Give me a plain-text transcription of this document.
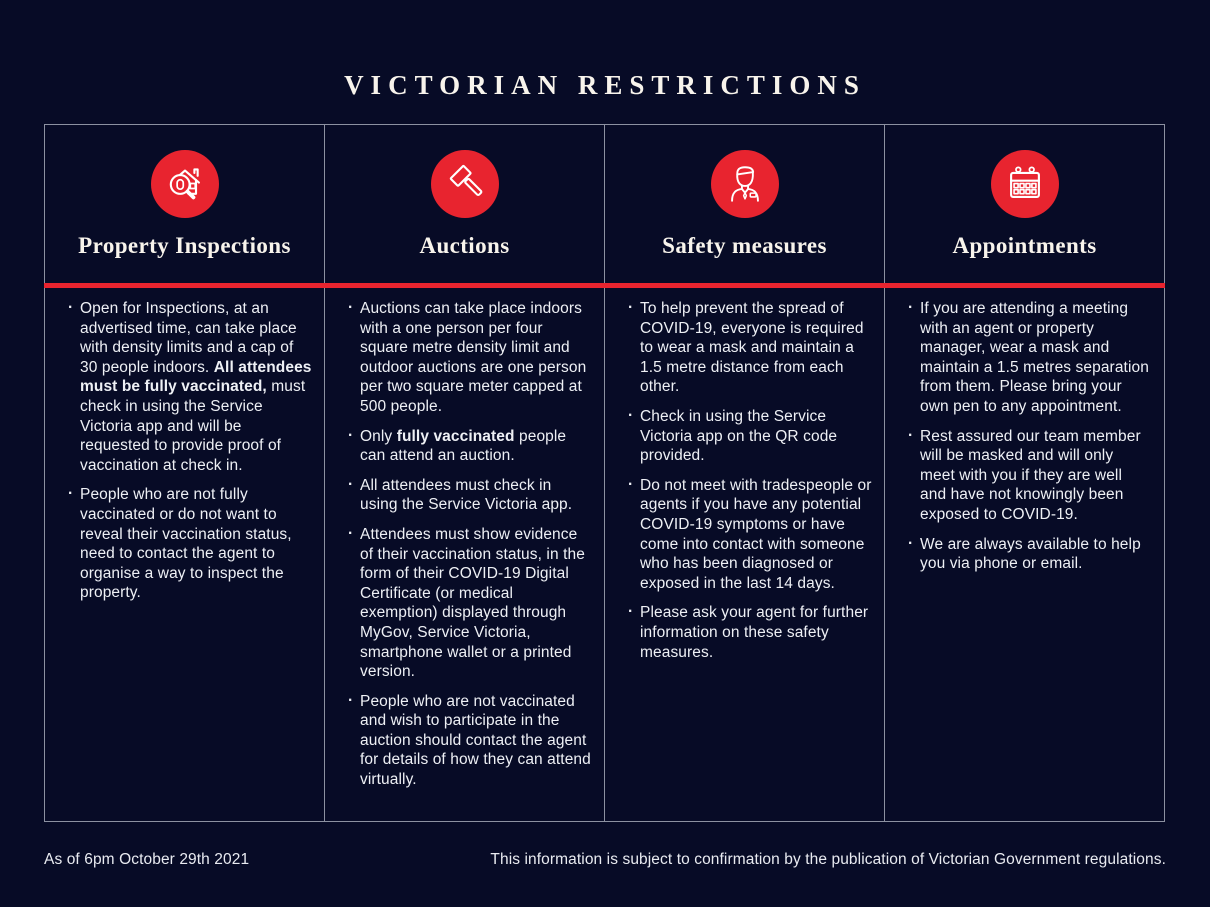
VICTORIAN RESTRICTIONS
Property Inspections
· Open for Inspections, at an advertised time, can take place with density limits and a cap of 30 people indoors. All attendees must be fully vaccinated, must check in using the Service Victoria app and will be requested to provide proof of vaccination at check in.
· People who are not fully vaccinated or do not want to reveal their vaccination status, need to contact the agent to organise a way to inspect the property.
Auctions
· Auctions can take place indoors with a one person per four square metre density limit and outdoor auctions are one person per two square meter capped at 500 people.
· Only fully vaccinated people can attend an auction.
· All attendees must check in using the Service Victoria app.
· Attendees must show evidence of their vaccination status, in the form of their COVID-19 Digital Certificate (or medical exemption) displayed through MyGov, Service Victoria, smartphone wallet or a printed version.
· People who are not vaccinated and wish to participate in the auction should contact the agent for details of how they can attend virtually.
Safety measures
· To help prevent the spread of COVID-19, everyone is required to wear a mask and maintain a 1.5 metre distance from each other.
· Check in using the Service Victoria app on the QR code provided.
· Do not meet with tradespeople or agents if you have any potential COVID-19 symptoms or have come into contact with someone who has been diagnosed or exposed in the last 14 days.
· Please ask your agent for further information on these safety measures.
Appointments
· If you are attending a meeting with an agent or property manager, wear a mask and maintain a 1.5 metres separation from them. Please bring your own pen to any appointment.
· Rest assured our team member will be masked and will only meet with you if they are well and have not knowingly been exposed to COVID-19.
· We are always available to help you via phone or email.
As of 6pm October 29th 2021	This information is subject to confirmation by the publication of Victorian Government regulations.
